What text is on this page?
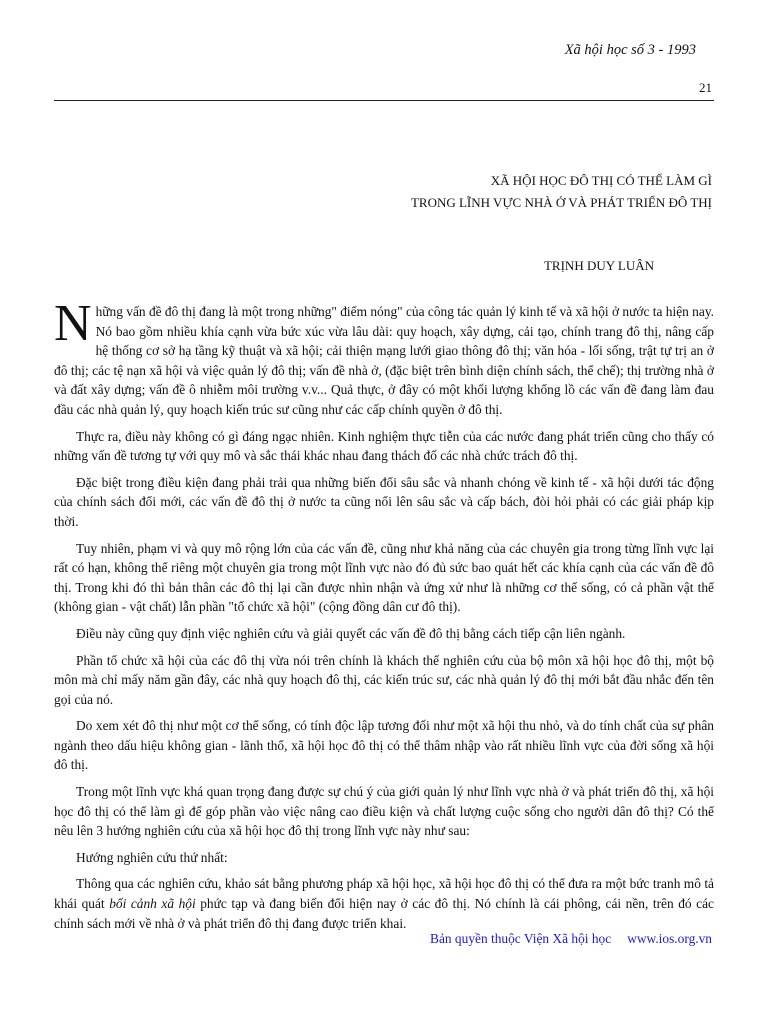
Xã hội học số 3 - 1993
21
XÃ HỘI HỌC ĐÔ THỊ CÓ THỂ LÀM GÌ
TRONG LĨNH VỰC NHÀ Ở VÀ PHÁT TRIỂN ĐÔ THỊ
TRỊNH DUY LUÂN

Những vấn đề đô thị đang là một trong những" điểm nóng" của công tác quản lý kinh tế và xã hội ở nước ta hiện nay. Nó bao gồm nhiều khía cạnh vừa bức xúc vừa lâu dài: quy hoạch, xây dựng, cải tạo, chính trang đô thị, nâng cấp hệ thống cơ sở hạ tầng kỹ thuật và xã hội; cải thiện mạng lưới giao thông đô thị; văn hóa - lối sống, trật tự trị an ở đô thị; các tệ nạn xã hội và việc quản lý đô thị; vấn đề nhà ở, (đặc biệt trên bình diện chính sách, thể chế); thị trường nhà ở và đất xây dựng; vấn đề ô nhiễm môi trường v.v... Quả thực, ở đây có một khối lượng khổng lồ các vấn đề đang làm đau đầu các nhà quản lý, quy hoạch kiến trúc sư cũng như các cấp chính quyền ở đô thị.

Thực ra, điều này không có gì đáng ngạc nhiên. Kinh nghiệm thực tiễn của các nước đang phát triển cũng cho thấy có những vấn đề tương tự với quy mô và sắc thái khác nhau đang thách đố các nhà chức trách đô thị.

Đặc biệt trong điều kiện đang phải trải qua những biến đổi sâu sắc và nhanh chóng về kinh tế - xã hội dưới tác động của chính sách đổi mới, các vấn đề đô thị ở nước ta cũng nổi lên sâu sắc và cấp bách, đòi hỏi phải có các giải pháp kịp thời.

Tuy nhiên, phạm vi và quy mô rộng lớn của các vấn đề, cũng như khả năng của các chuyên gia trong từng lĩnh vực lại rất có hạn, không thể riêng một chuyên gia trong một lĩnh vực nào đó đủ sức bao quát hết các khía cạnh của các vấn đề đô thị. Trong khi đó thì bản thân các đô thị lại cần được nhìn nhận và ứng xử như là những cơ thể sống, có cả phần vật thể (không gian - vật chất) lẫn phần "tổ chức xã hội" (cộng đồng dân cư đô thị).

Điều này cũng quy định việc nghiên cứu và giải quyết các vấn đề đô thị bằng cách tiếp cận liên ngành.

Phần tổ chức xã hội của các đô thị vừa nói trên chính là khách thể nghiên cứu của bộ môn xã hội học đô thị, một bộ môn mà chỉ mấy năm gần đây, các nhà quy hoạch đô thị, các kiến trúc sư, các nhà quản lý đô thị mới bắt đầu nhắc đến tên gọi của nó.

Do xem xét đô thị như một cơ thể sống, có tính độc lập tương đối như một xã hội thu nhỏ, và do tính chất của sự phân ngành theo dấu hiệu không gian - lãnh thổ, xã hội học đô thị có thể thâm nhập vào rất nhiều lĩnh vực của đời sống xã hội đô thị.

Trong một lĩnh vực khá quan trọng đang được sự chú ý của giới quản lý như lĩnh vực nhà ở và phát triển đô thị, xã hội học đô thị có thể làm gì để góp phần vào việc nâng cao điều kiện và chất lượng cuộc sống cho người dân đô thị? Có thể nêu lên 3 hướng nghiên cứu của xã hội học đô thị trong lĩnh vực này như sau:

Hướng nghiên cứu thứ nhất:

Thông qua các nghiên cứu, khảo sát bằng phương pháp xã hội học, xã hội học đô thị có thể đưa ra một bức tranh mô tả khái quát bối cảnh xã hội phức tạp và đang biến đổi hiện nay ở các đô thị. Nó chính là cái phông, cái nền, trên đó các chính sách mới về nhà ở và phát triển đô thị đang được triển khai.

Bản quyền thuộc Viện Xã hội học www.ios.org.vn
